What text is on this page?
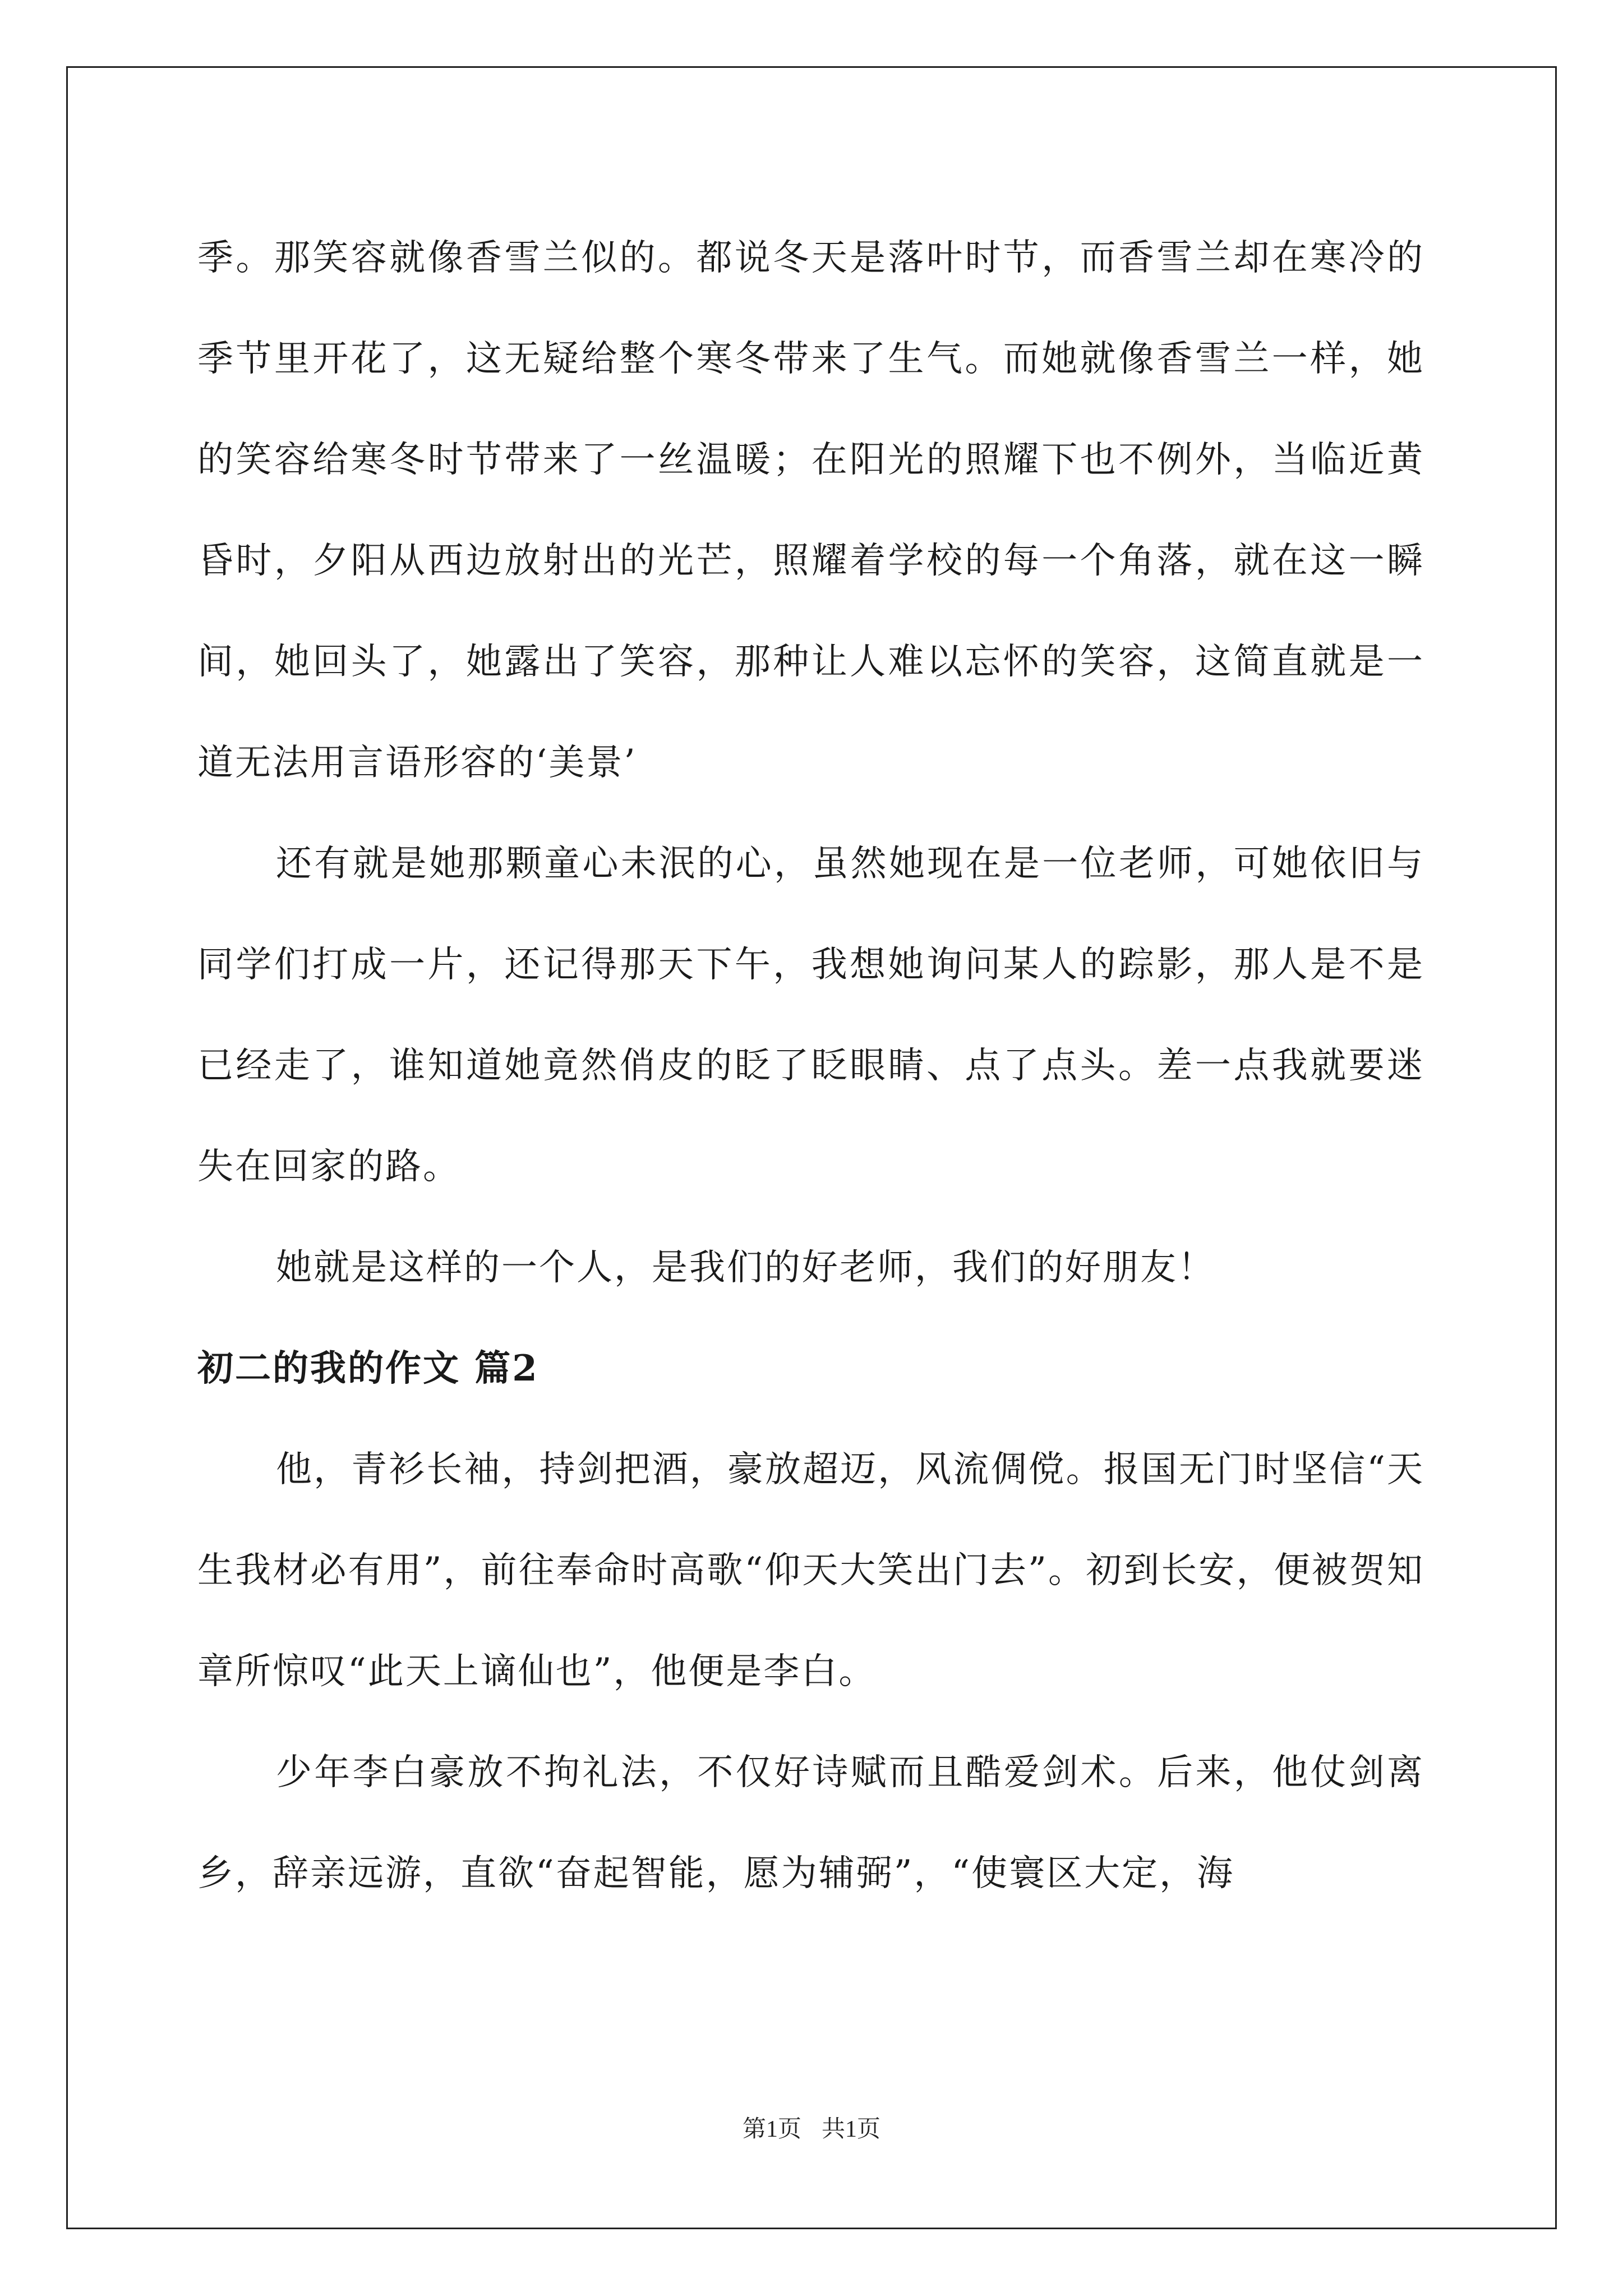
季。那笑容就像香雪兰似的。都说冬天是落叶时节，而香雪兰却在寒冷的季节里开花了，这无疑给整个寒冬带来了生气。而她就像香雪兰一样，她的笑容给寒冬时节带来了一丝温暖；在阳光的照耀下也不例外，当临近黄昏时，夕阳从西边放射出的光芒，照耀着学校的每一个角落，就在这一瞬间，她回头了，她露出了笑容，那种让人难以忘怀的笑容，这简直就是一道无法用言语形容的‘美景’

还有就是她那颗童心未泯的心，虽然她现在是一位老师，可她依旧与同学们打成一片，还记得那天下午，我想她询问某人的踪影，那人是不是已经走了，谁知道她竟然俏皮的眨了眨眼睛、点了点头。差一点我就要迷失在回家的路。

她就是这样的一个人，是我们的好老师，我们的好朋友！

初二的我的作文 篇2

他，青衫长袖，持剑把酒，豪放超迈，风流倜傥。报国无门时坚信“天生我材必有用”，前往奉命时高歌“仰天大笑出门去”。初到长安，便被贺知章所惊叹“此天上谪仙也”，他便是李白。

少年李白豪放不拘礼法，不仅好诗赋而且酷爱剑术。后来，他仗剑离乡，辞亲远游，直欲“奋起智能，愿为辅弼”，“使寰区大定，海

第1页 共1页
